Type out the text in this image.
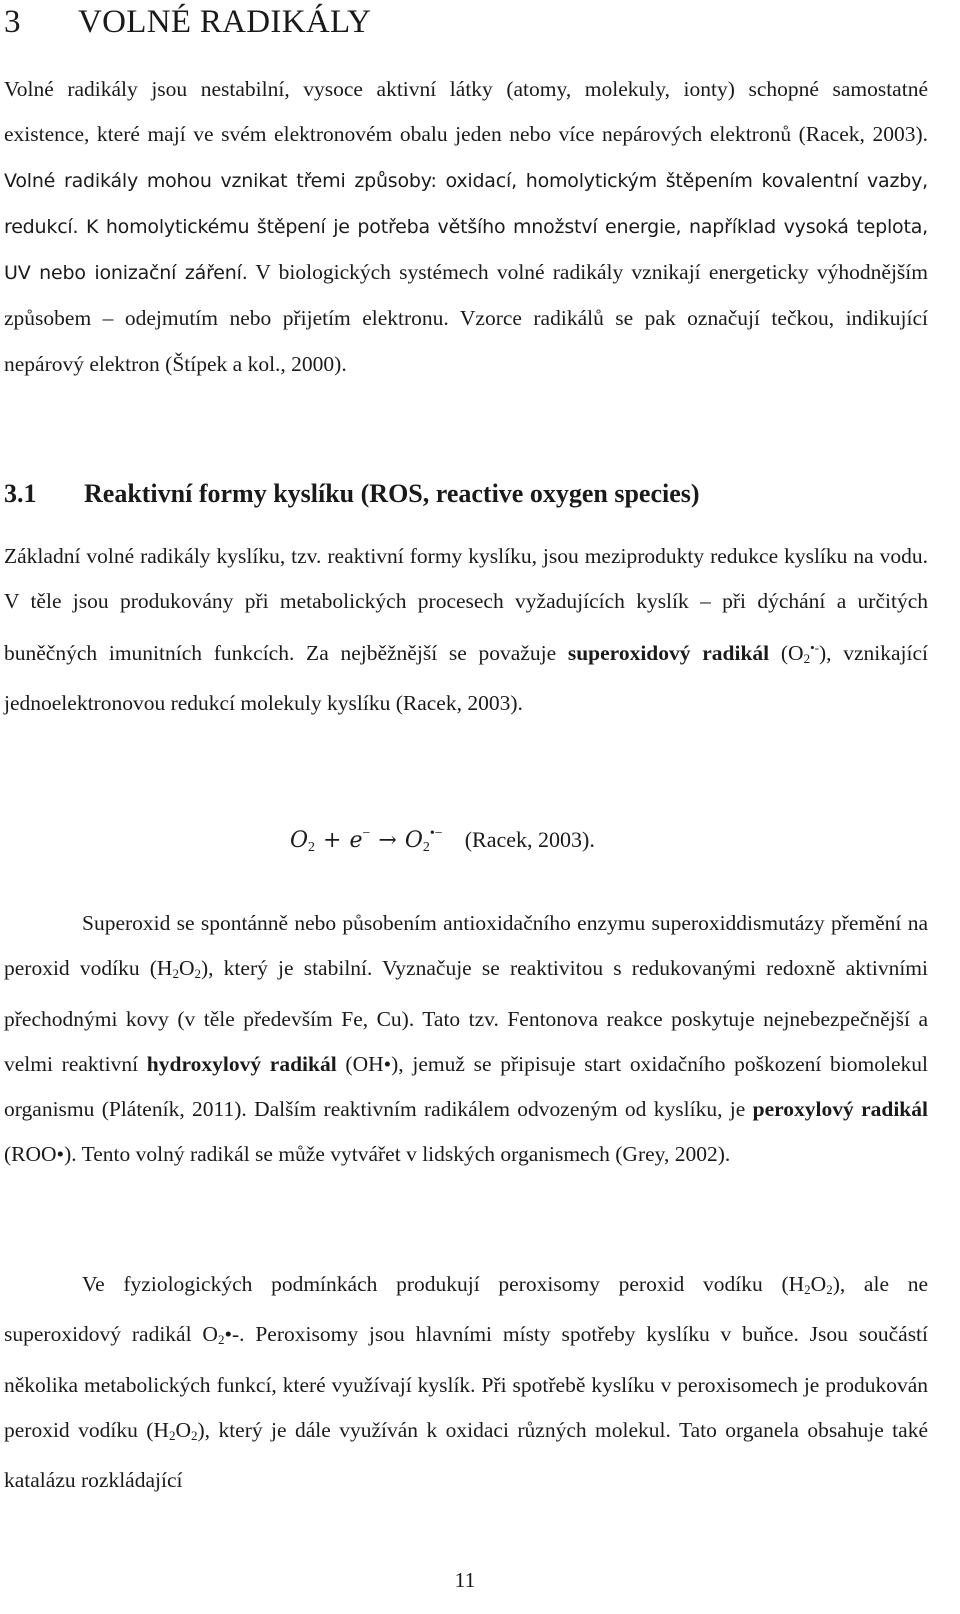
3 VOLNÉ RADIKÁLY

Volné radikály jsou nestabilní, vysoce aktivní látky (atomy, molekuly, ionty) schopné samostatné existence, které mají ve svém elektronovém obalu jeden nebo více nepárových elektronů (Racek, 2003). Volné radikály mohou vznikat třemi způsoby: oxidací, homolytickým štěpením kovalentní vazby, redukcí. K homolytickému štěpení je potřeba většího množství energie, například vysoká teplota, UV nebo ionizační záření. V biologických systémech volné radikály vznikají energeticky výhodnějším způsobem – odejmutím nebo přijetím elektronu. Vzorce radikálů se pak označují tečkou, indikující nepárový elektron (Štípek a kol., 2000).

3.1 Reaktivní formy kyslíku (ROS, reactive oxygen species)

Základní volné radikály kyslíku, tzv. reaktivní formy kyslíku, jsou meziprodukty redukce kyslíku na vodu. V těle jsou produkovány při metabolických procesech vyžadujících kyslík – při dýchání a určitých buněčných imunitních funkcích. Za nejběžnější se považuje superoxidový radikál $(O_2^{•-})$, vznikající jednoelektronovou redukcí molekuly kyslíku (Racek, 2003).

$O_2 + e^- \to O_2^{•-}$ (Racek, 2003).

Superoxid se spontánně nebo působením antioxidačního enzymu superoxiddismutázy přemění na peroxid vodíku $(H_2O_2)$, který je stabilní. Vyznačuje se reaktivitou s redukovanými redoxně aktivními přechodnými kovy (v těle především Fe, Cu). Tato tzv. Fentonova reakce poskytuje nejnebezpečnější a velmi reaktivní hydroxylový radikál (OH•), jemuž se připisuje start oxidačního poškození biomolekul organismu (Pláteník, 2011). Dalším reaktivním radikálem odvozeným od kyslíku, je peroxylový radikál (ROO•). Tento volný radikál se může vytvářet v lidských organismech (Grey, 2002).

Ve fyziologických podmínkách produkují peroxisomy peroxid vodíku $(H_2O_2)$, ale ne superoxidový radikál $O_2•-$. Peroxisomy jsou hlavními místy spotřeby kyslíku v buňce. Jsou součástí několika metabolických funkcí, které využívají kyslík. Při spotřebě kyslíku v peroxisomech je produkován peroxid vodíku $(H_2O_2)$, který je dále využíván k oxidaci různých molekul. Tato organela obsahuje také katalázu rozkládající

11
